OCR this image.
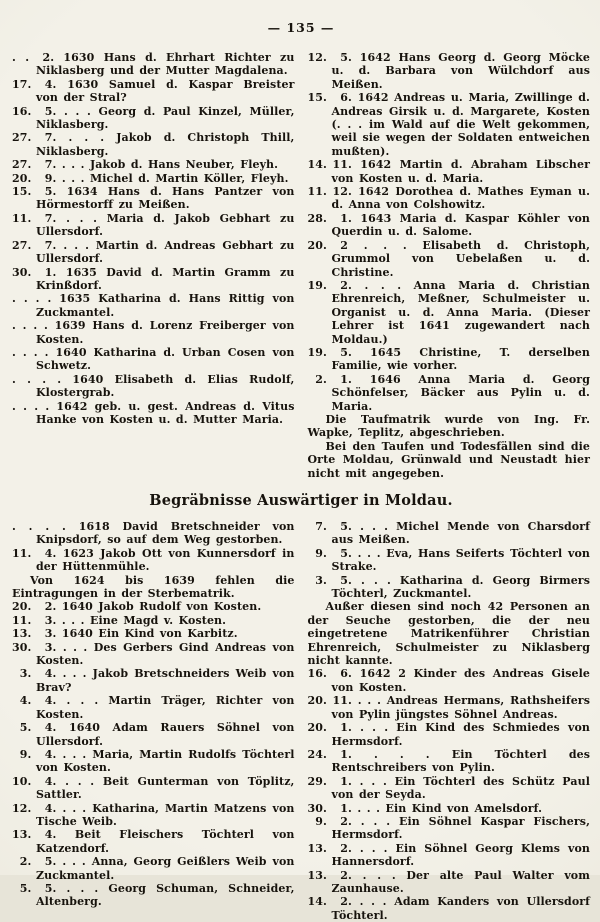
— 135 —
. .  2. 1630 Hans d. Ehrhart Richter zu Niklasberg und der Mutter Magdalena.
17.  4. 1630 Samuel d. Kaspar Breister von der Stral?
16.  5. . . . Georg d. Paul Kinzel, Müller, Niklasberg.
27.  7. . . . Jakob d. Christoph Thill, Niklasberg.
27.  7. . . . Jakob d. Hans Neuber, Fleyh.
20.  9. . . . Michel d. Martin Köller, Fleyh.
15.  5. 1634 Hans d. Hans Pantzer von Hörmestorff zu Meißen.
11.  7. . . . Maria d. Jakob Gebhart zu Ullersdorf.
27.  7. . . . Martin d. Andreas Gebhart zu Ullersdorf.
30.  1. 1635 David d. Martin Gramm zu Krinßdorf.
. . . . 1635 Katharina d. Hans Rittig von Zuckmantel.
. . . . 1639 Hans d. Lorenz Freiberger von Kosten.
. . . . 1640 Katharina d. Urban Cosen von Schwetz.
. . . . 1640 Elisabeth d. Elias Rudolf, Klostergrab.
. . . . 1642 geb. u. gest. Andreas d. Vitus Hanke von Kosten u. d. Mutter Maria.
12.  5. 1642 Hans Georg d. Georg Möcke u. d. Barbara von Wülchdorf aus Meißen.
15.  6. 1642 Andreas u. Maria, Zwillinge d. Andreas Girsik u. d. Margarete, Kosten (. . . im Wald auf die Welt gekommen, weil sie wegen der Soldaten entweichen mußten).
14. 11. 1642 Martin d. Abraham Libscher von Kosten u. d. Maria.
11. 12. 1642 Dorothea d. Mathes Eyman u. d. Anna von Colshowitz.
28.  1. 1643 Maria d. Kaspar Köhler von Querdin u. d. Salome.
20.  2 . . . Elisabeth d. Christoph, Grummol von Uebelaßen u. d. Christine.
19.  2. . . . Anna Maria d. Christian Ehrenreich, Meßner, Schulmeister u. Organist u. d. Anna Maria. (Dieser Lehrer ist 1641 zugewandert nach Moldau.)
19.  5. 1645 Christine, T. derselben Familie, wie vorher.
 2.  1. 1646 Anna Maria d. Georg Schönfelser, Bäcker aus Pylin u. d. Maria.
Die Taufmatrik wurde von Ing. Fr. Wapke, Teplitz, abgeschrieben.
Bei den Taufen und Todesfällen sind die Orte Moldau, Grünwald und Neustadt hier nicht mit angegeben.
Begräbnisse Auswärtiger in Moldau.
. . . . 1618 David Bretschneider von Knipsdorf, so auf dem Weg gestorben.
11.  4. 1623 Jakob Ott von Kunnersdorf in der Hüttenmühle.
Von 1624 bis 1639 fehlen die Eintragungen in der Sterbematrik.
20.  2. 1640 Jakob Rudolf von Kosten.
11.  3. . . . Eine Magd v. Kosten.
13.  3. 1640 Ein Kind von Karbitz.
30.  3. . . . Des Gerbers Gind Andreas von Kosten.
 3.  4. . . . Jakob Bretschneiders Weib von Brav?
 4.  4. . . . Martin Träger, Richter von Kosten.
 5.  4. 1640 Adam Rauers Söhnel von Ullersdorf.
 9.  4. . . . Maria, Martin Rudolfs Töchterl von Kosten.
10.  4. . . . Beit Gunterman von Töplitz, Sattler.
12.  4. . . . Katharina, Martin Matzens von Tische Weib.
13.  4. Beit Fleischers Töchterl von Katzendorf.
 2.  5. . . . Anna, Georg Geißlers Weib von Zuckmantel.
 5.  5. . . . Georg Schuman, Schneider, Altenberg.
 7.  5. . . . Michel Mende von Charsdorf aus Meißen.
 9.  5. . . . Eva, Hans Seiferts Töchterl von Strake.
 3.  5. . . . Katharina d. Georg Birmers Töchterl, Zuckmantel.
Außer diesen sind noch 42 Personen an der Seuche gestorben, die der neu eingetretene Matrikenführer Christian Ehrenreich, Schulmeister zu Niklasberg nicht kannte.
16.  6. 1642 2 Kinder des Andreas Gisele von Kosten.
20. 11. . . . Andreas Hermans, Rathsheifers von Pylin jüngstes Söhnel Andreas.
20.  1. . . . Ein Kind des Schmiedes von Hermsdorf.
24.  1. . . . Ein Töchterl des Rentschreibers von Pylin.
29.  1. . . . Ein Töchterl des Schütz Paul von der Seyda.
30.  1. . . . Ein Kind von Amelsdorf.
 9.  2. . . . Ein Söhnel Kaspar Fischers, Hermsdorf.
13.  2. . . . Ein Söhnel Georg Klems von Hannersdorf.
13.  2. . . . Der alte Paul Walter vom Zaunhause.
14.  2. . . . Adam Kanders von Ullersdorf Töchterl.
